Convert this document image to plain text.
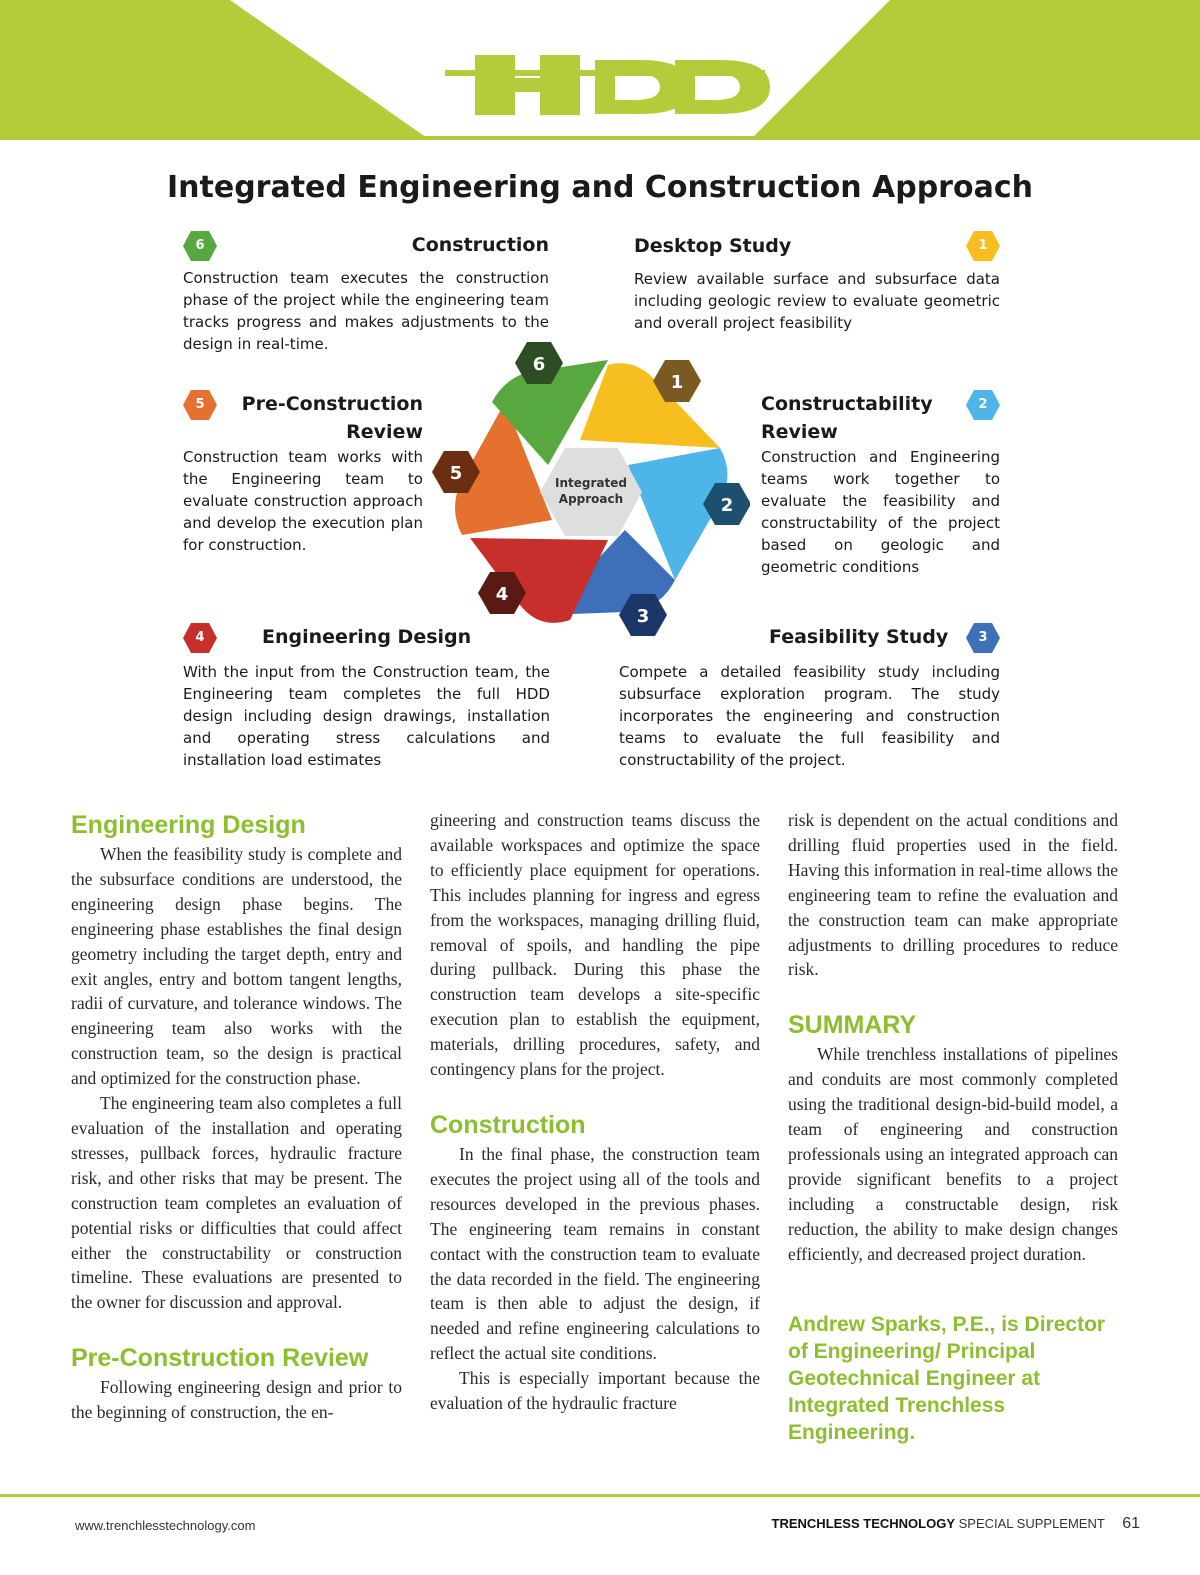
Integrated Engineering and Construction Approach
6	Construction

Construction team executes the construction phase of the project while the engineering team tracks progress and makes adjustments to the design in real-time.

1
Desktop Study

Review available surface and subsurface data including geologic review to evaluate geometric and overall project feasibility

5	Pre-Construction
Review

Construction team works with the Engineering team to evaluate construction approach and develop the execution plan for construction.

2
Constructability
Review

Construction and Engineering teams work together to evaluate the feasibility and constructability of the project based on geologic and geometric conditions

4	Engineering Design

With the input from the Construction team, the Engineering team completes the full HDD design including design drawings, installation and operating stress calculations and installation load estimates

3
Feasibility Study

Compete a detailed feasibility study including subsurface exploration program. The study incorporates the engineering and construction teams to evaluate the full feasibility and constructability of the project.

Integrated
Approach
6
1
2
3
4
5
Engineering Design

When the feasibility study is complete and the subsurface conditions are understood, the engineering design phase begins. The engineering phase establishes the final design geometry including the target depth, entry and exit angles, entry and bottom tangent lengths, radii of curvature, and tolerance windows. The engineering team also works with the construction team, so the design is practical and optimized for the construction phase.

The engineering team also completes a full evaluation of the installation and operating stresses, pullback forces, hydraulic fracture risk, and other risks that may be present. The construction team completes an evaluation of potential risks or difficulties that could affect either the constructability or construction timeline. These evaluations are presented to the owner for discussion and approval.

Pre-Construction Review

Following engineering design and prior to the beginning of construction, the en-

gineering and construction teams discuss the available workspaces and optimize the space to efficiently place equipment for operations. This includes planning for ingress and egress from the workspaces, managing drilling fluid, removal of spoils, and handling the pipe during pullback. During this phase the construction team develops a site-specific execution plan to establish the equipment, materials, drilling procedures, safety, and contingency plans for the project.

Construction

In the final phase, the construction team executes the project using all of the tools and resources developed in the previous phases. The engineering team remains in constant contact with the construction team to evaluate the data recorded in the field. The engineering team is then able to adjust the design, if needed and refine engineering calculations to reflect the actual site conditions.

This is especially important because the evaluation of the hydraulic fracture

risk is dependent on the actual conditions and drilling fluid properties used in the field. Having this information in real-time allows the engineering team to refine the evaluation and the construction team can make appropriate adjustments to drilling procedures to reduce risk.

SUMMARY

While trenchless installations of pipelines and conduits are most commonly completed using the traditional design-bid-build model, a team of engineering and construction professionals using an integrated approach can provide significant benefits to a project including a constructable design, risk reduction, the ability to make design changes efficiently, and decreased project duration.

Andrew Sparks, P.E., is Director of Engineering/ Principal Geotechnical Engineer at Integrated Trenchless Engineering.
www.trenchlesstechnology.com	TRENCHLESS TECHNOLOGY SPECIAL SUPPLEMENT 61
